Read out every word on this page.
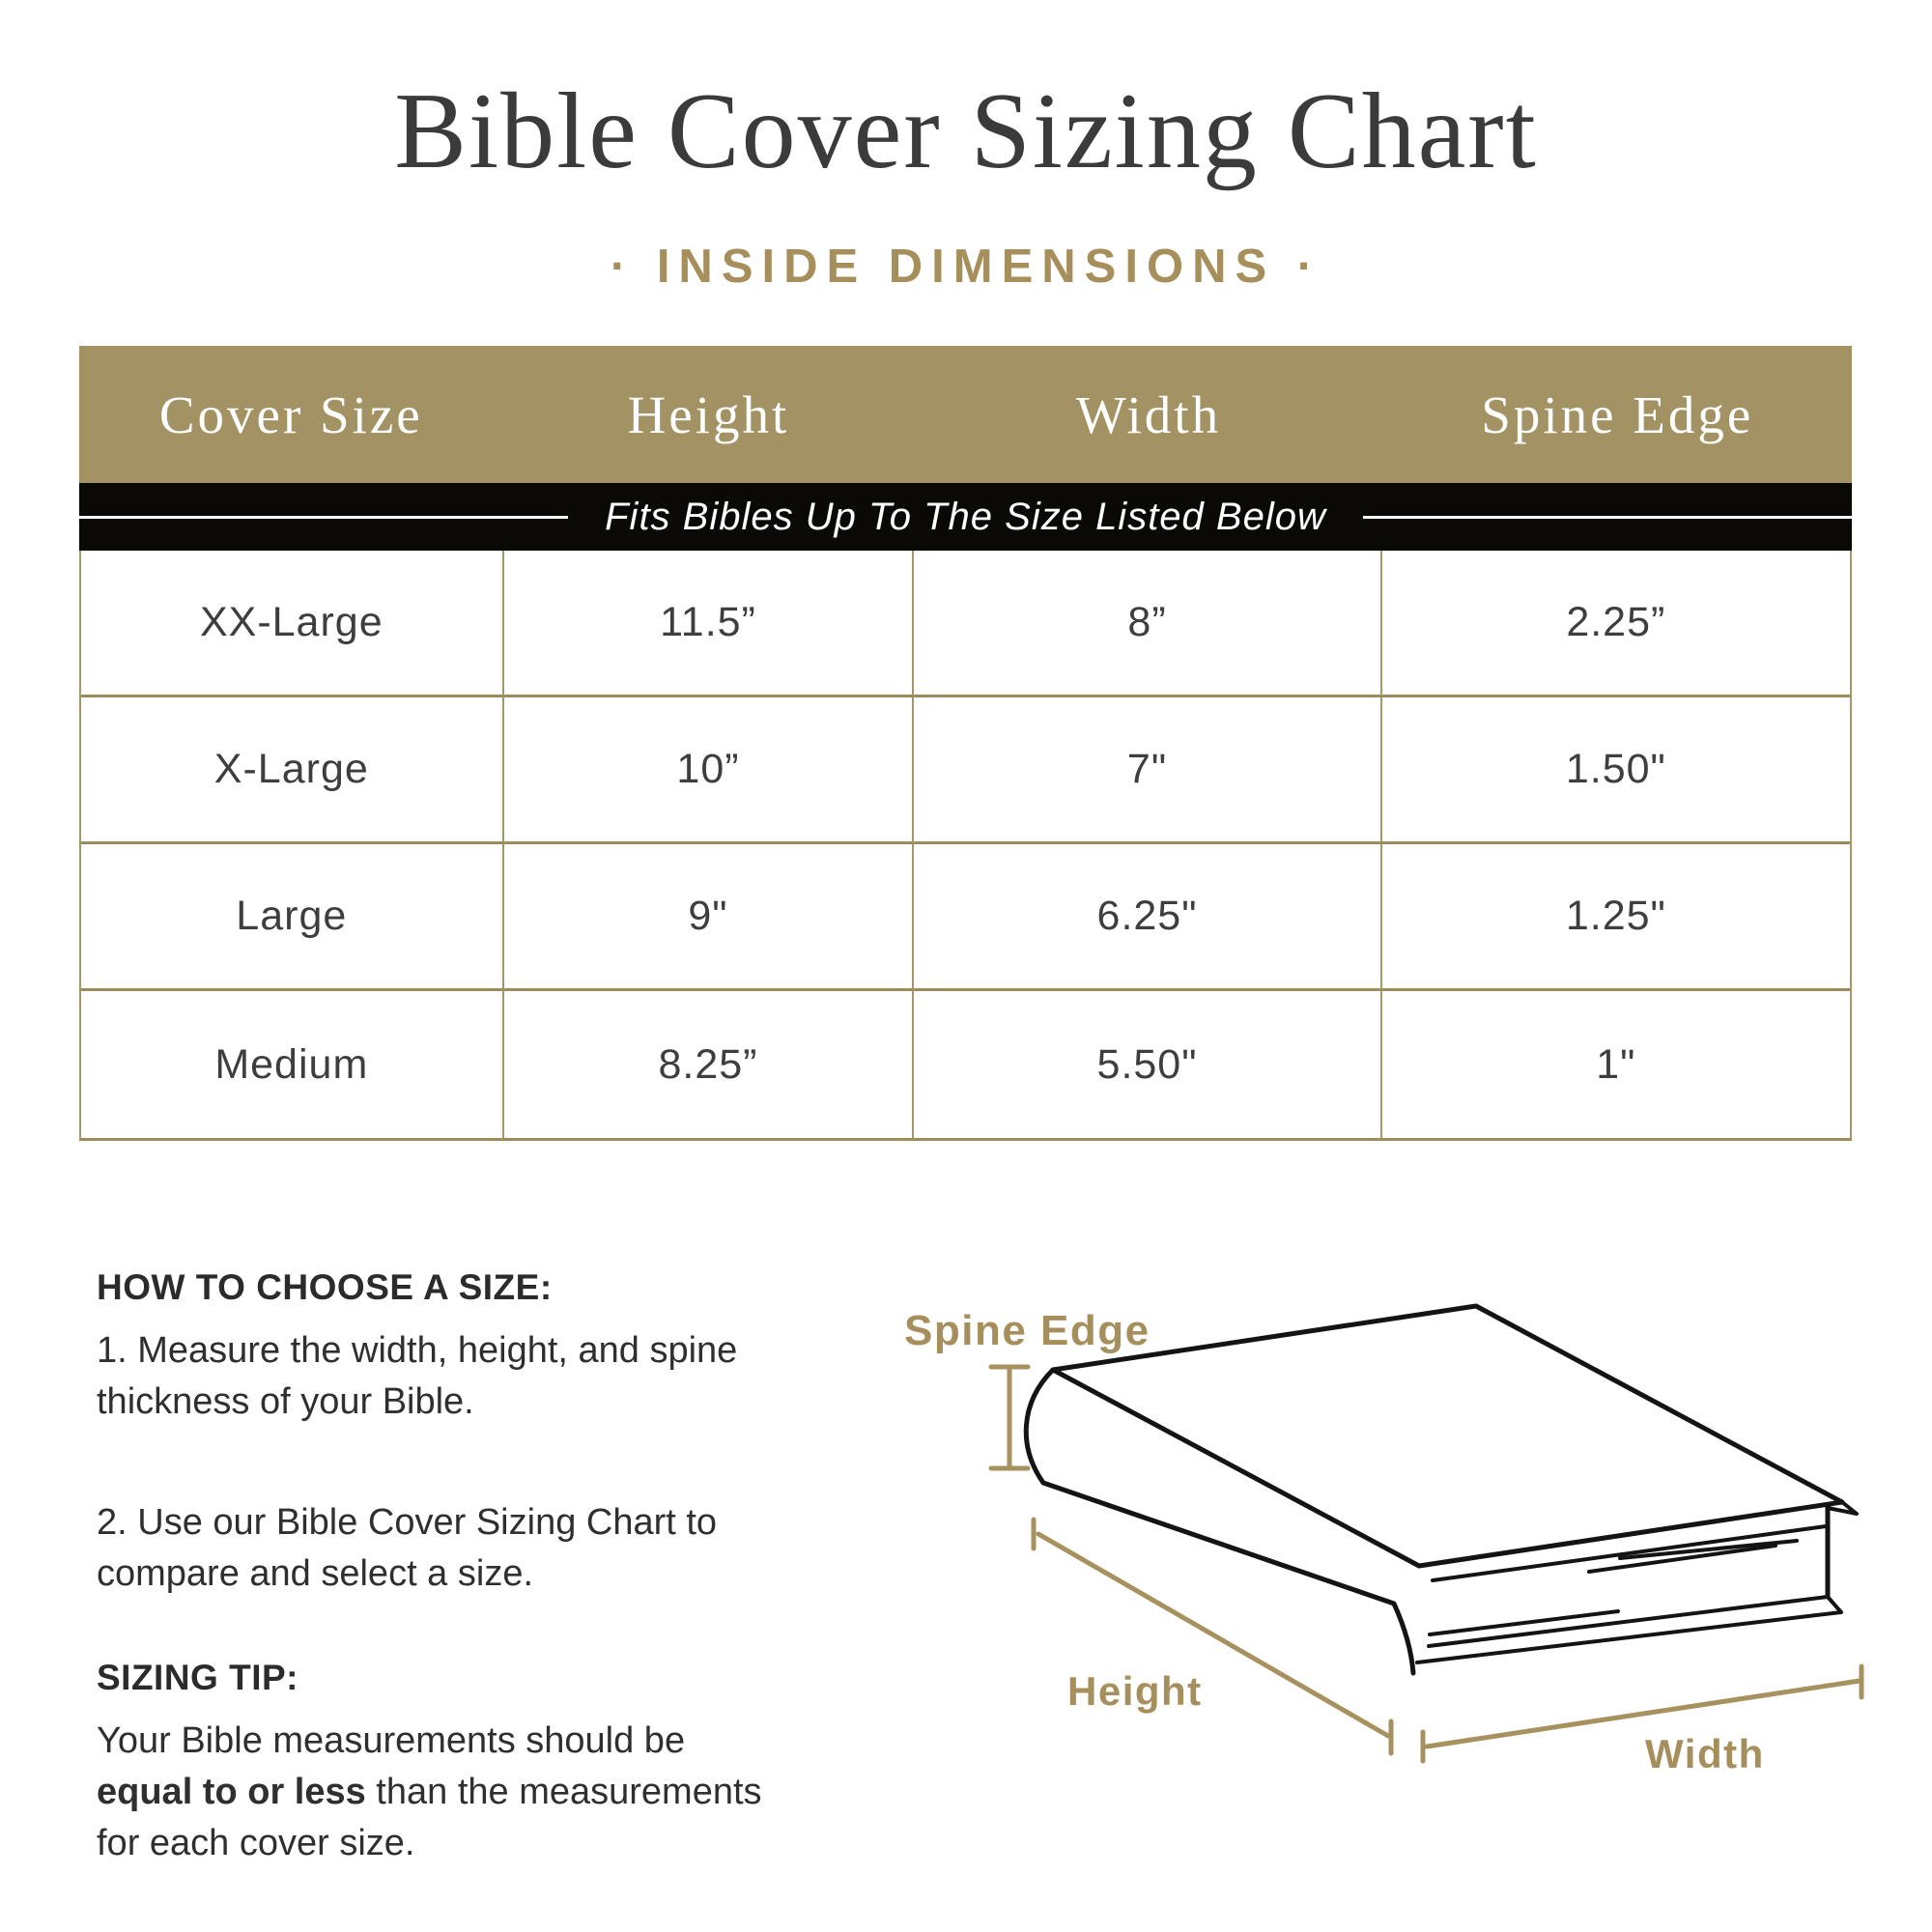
Bible Cover Sizing Chart
· INSIDE DIMENSIONS ·
Cover Size	Height	Width	Spine Edge
Fits Bibles Up To The Size Listed Below
XX-Large	11.5”	8”	2.25”
X-Large	10”	7"	1.50"
Large	9"	6.25"	1.25"
Medium	8.25”	5.50"	1"
HOW TO CHOOSE A SIZE:

1. Measure the width, height, and spine thickness of your Bible.

2. Use our Bible Cover Sizing Chart to compare and select a size.

SIZING TIP:

Your Bible measurements should be equal to or less than the measurements for each cover size.

Spine Edge
Height
Width
